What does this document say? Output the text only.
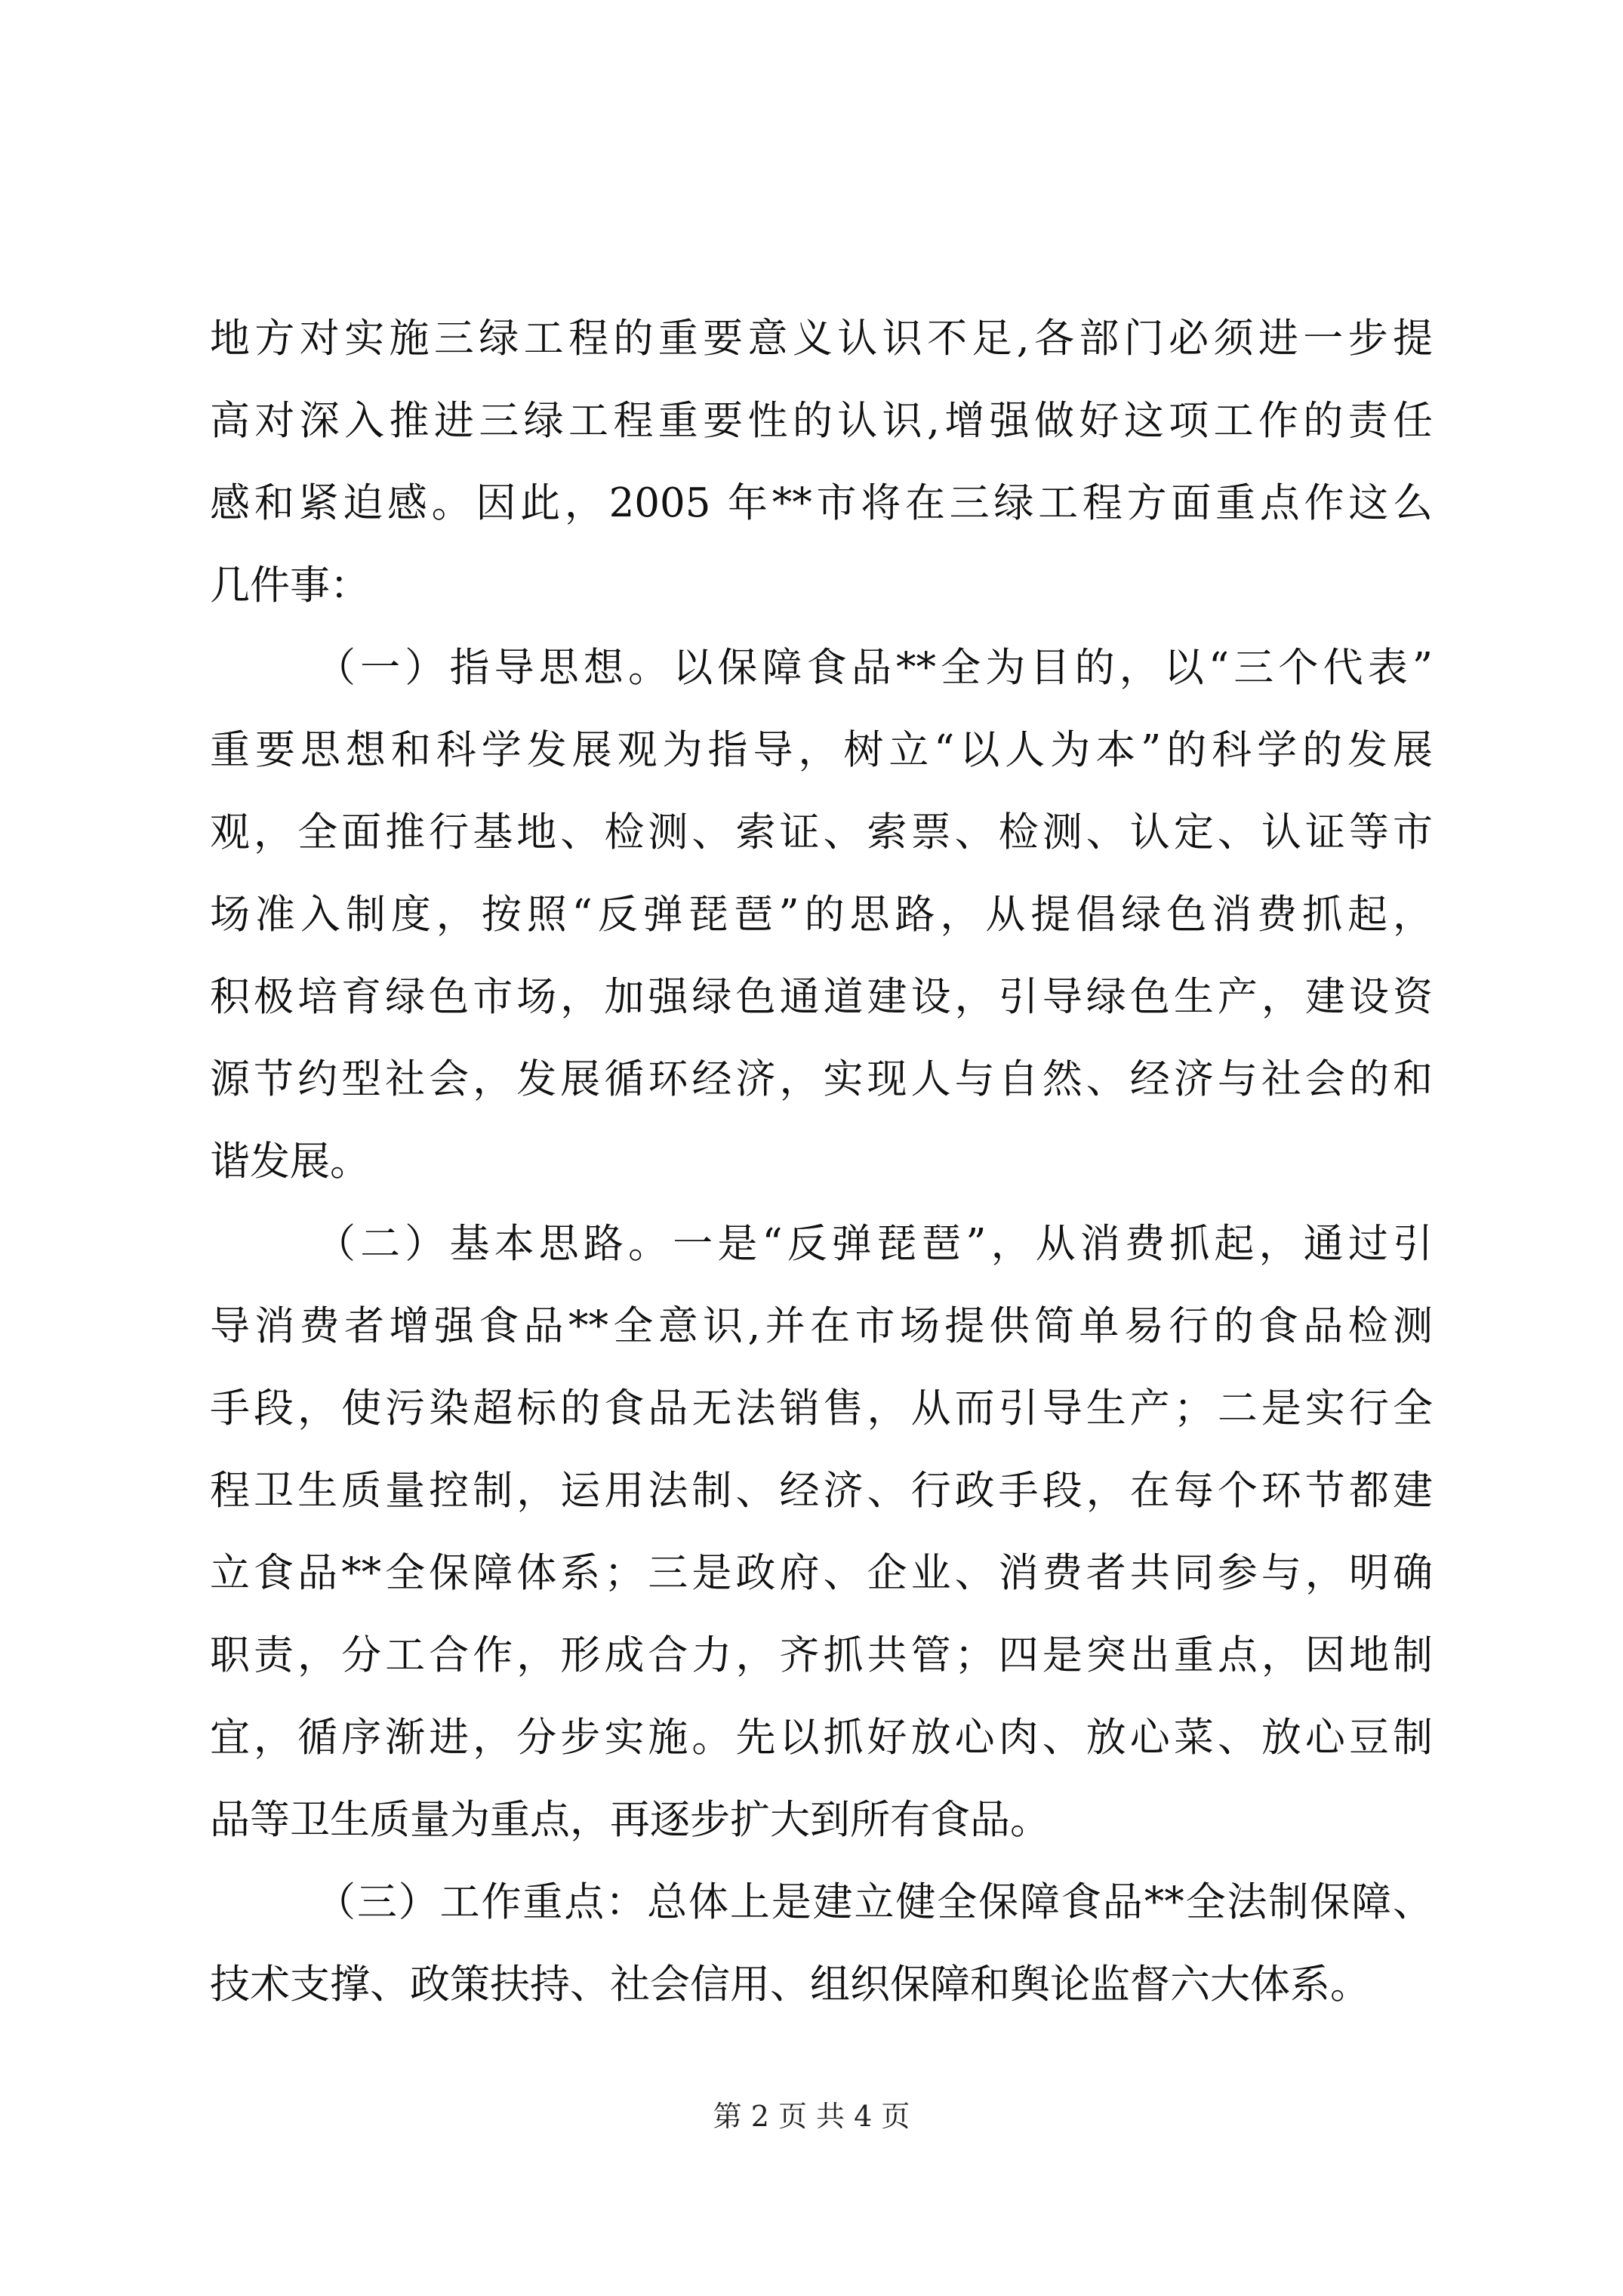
地方对实施三绿工程的重要意义认识不足,各部门必须进一步提
高对深入推进三绿工程重要性的认识,增强做好这项工作的责任
感和紧迫感。因此，2005 年**市将在三绿工程方面重点作这么
几件事：
（一）指导思想。以保障食品**全为目的，以“三个代表”
重要思想和科学发展观为指导，树立“以人为本”的科学的发展
观，全面推行基地、检测、索证、索票、检测、认定、认证等市
场准入制度，按照“反弹琵琶”的思路，从提倡绿色消费抓起，
积极培育绿色市场，加强绿色通道建设，引导绿色生产，建设资
源节约型社会，发展循环经济，实现人与自然、经济与社会的和
谐发展。
（二）基本思路。一是“反弹琵琶”，从消费抓起，通过引
导消费者增强食品**全意识,并在市场提供简单易行的食品检测
手段，使污染超标的食品无法销售，从而引导生产；二是实行全
程卫生质量控制，运用法制、经济、行政手段，在每个环节都建
立食品**全保障体系；三是政府、企业、消费者共同参与，明确
职责，分工合作，形成合力，齐抓共管；四是突出重点，因地制
宜，循序渐进，分步实施。先以抓好放心肉、放心菜、放心豆制
品等卫生质量为重点，再逐步扩大到所有食品。
（三）工作重点：总体上是建立健全保障食品**全法制保障、
技术支撑、政策扶持、社会信用、组织保障和舆论监督六大体系。
第 2 页 共 4 页
